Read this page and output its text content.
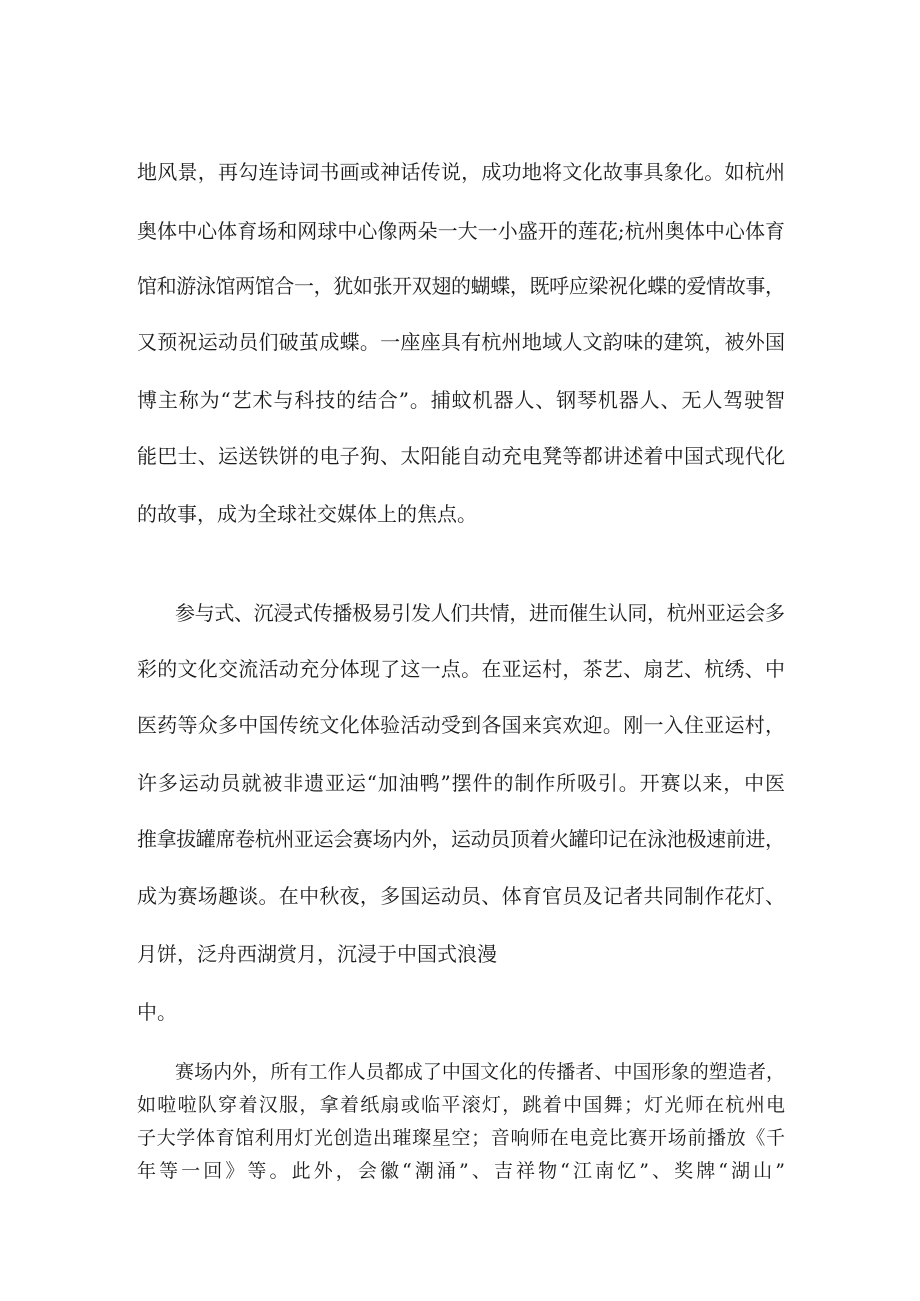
地风景，再勾连诗词书画或神话传说，成功地将文化故事具象化。如杭州
奥体中心体育场和网球中心像两朵一大一小盛开的莲花;杭州奥体中心体育
馆和游泳馆两馆合一，犹如张开双翅的蝴蝶，既呼应梁祝化蝶的爱情故事，
又预祝运动员们破茧成蝶。一座座具有杭州地域人文韵味的建筑，被外国
博主称为“艺术与科技的结合”。捕蚊机器人、钢琴机器人、无人驾驶智
能巴士、运送铁饼的电子狗、太阳能自动充电凳等都讲述着中国式现代化
的故事，成为全球社交媒体上的焦点。
参与式、沉浸式传播极易引发人们共情，进而催生认同，杭州亚运会多
彩的文化交流活动充分体现了这一点。在亚运村，茶艺、扇艺、杭绣、中
医药等众多中国传统文化体验活动受到各国来宾欢迎。刚一入住亚运村，
许多运动员就被非遗亚运“加油鸭”摆件的制作所吸引。开赛以来，中医
推拿拔罐席卷杭州亚运会赛场内外，运动员顶着火罐印记在泳池极速前进，
成为赛场趣谈。在中秋夜，多国运动员、体育官员及记者共同制作花灯、
月饼，泛舟西湖赏月，沉浸于中国式浪漫
中。
赛场内外，所有工作人员都成了中国文化的传播者、中国形象的塑造者，
如啦啦队穿着汉服，拿着纸扇或临平滚灯，跳着中国舞；灯光师在杭州电
子大学体育馆利用灯光创造出璀璨星空；音响师在电竞比赛开场前播放《千
年等一回》等。此外，会徽“潮涌”、吉祥物“江南忆”、奖牌“湖山”
